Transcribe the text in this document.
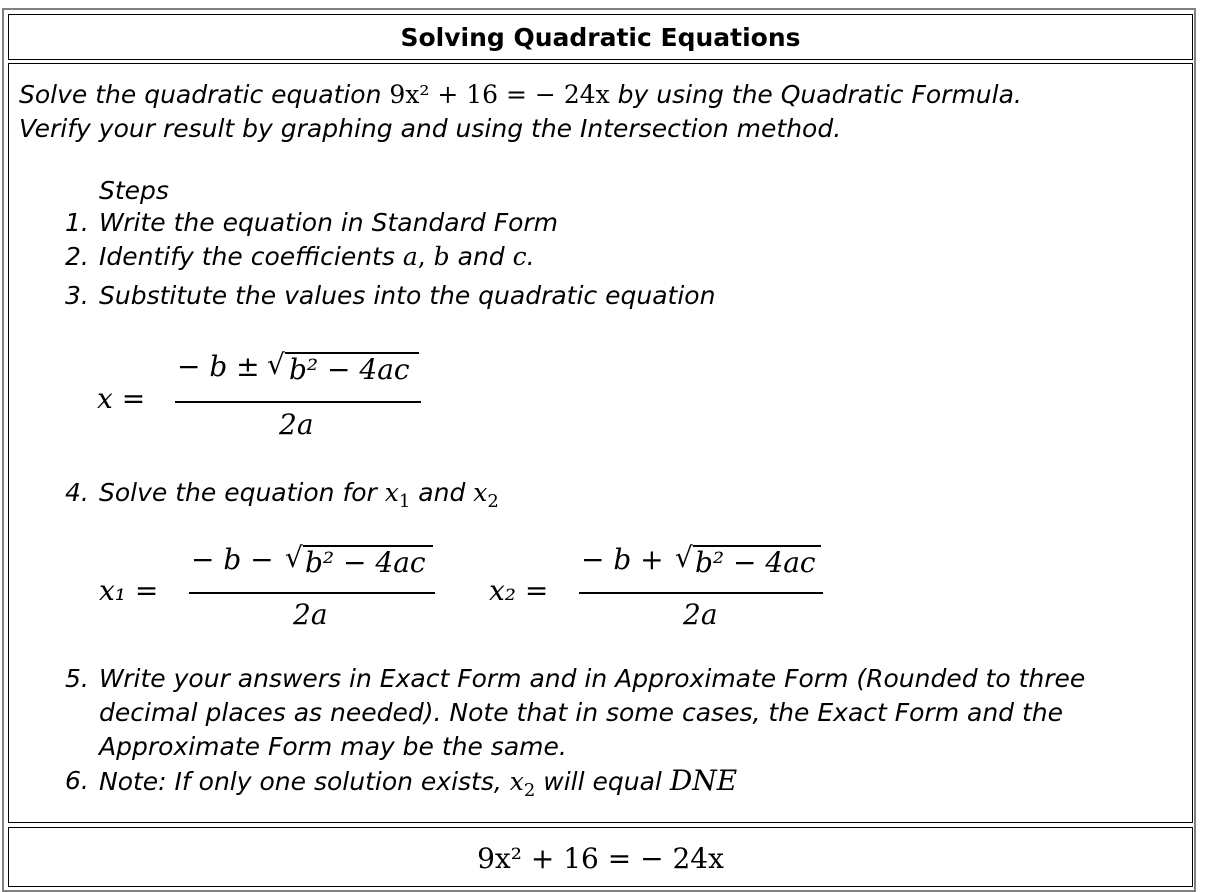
Solving Quadratic Equations
Solve the quadratic equation 9x² + 16 = − 24x by using the Quadratic Formula.
Verify your result by graphing and using the Intersection method.
Steps
1. Write the equation in Standard Form
2. Identify the coefficients a, b and c.
3. Substitute the values into the quadratic equation
x =
− b ± √ b² − 4ac
2a
4. Solve the equation for $x_1$ and $x_2$
x₁ =
− b − √ b² − 4ac
2a
x₂ =
− b + √ b² − 4ac
2a
5. Write your answers in Exact Form and in Approximate Form (Rounded to three
decimal places as needed). Note that in some cases, the Exact Form and the
Approximate Form may be the same.
6. Note: If only one solution exists, $x_2$ will equal DNE
9x² + 16 = − 24x
